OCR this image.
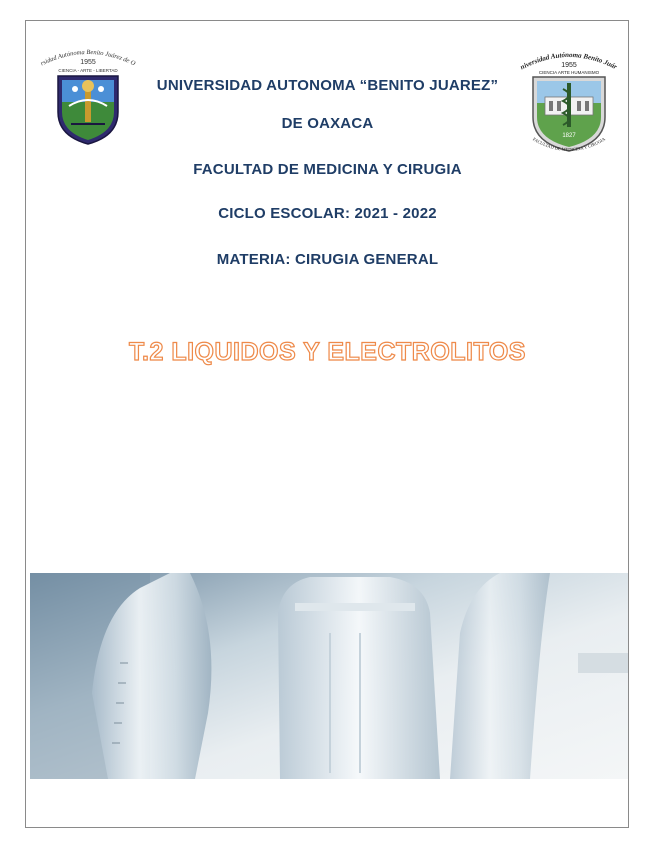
rsidad Autónoma Benito Juárez de O
1955
CIENCIA - ARTE - LIBERTAD	niversidad Autónoma Benito Juár
1955
CIENCIA ARTE HUMANISMO
1827
FACULTAD DE MEDICINA Y CIRUGIA
UNIVERSIDAD AUTONOMA “BENITO JUAREZ”
DE OAXACA
FACULTAD DE MEDICINA Y CIRUGIA
CICLO ESCOLAR: 2021 - 2022
MATERIA: CIRUGIA GENERAL
T.2 LIQUIDOS Y ELECTROLITOS
